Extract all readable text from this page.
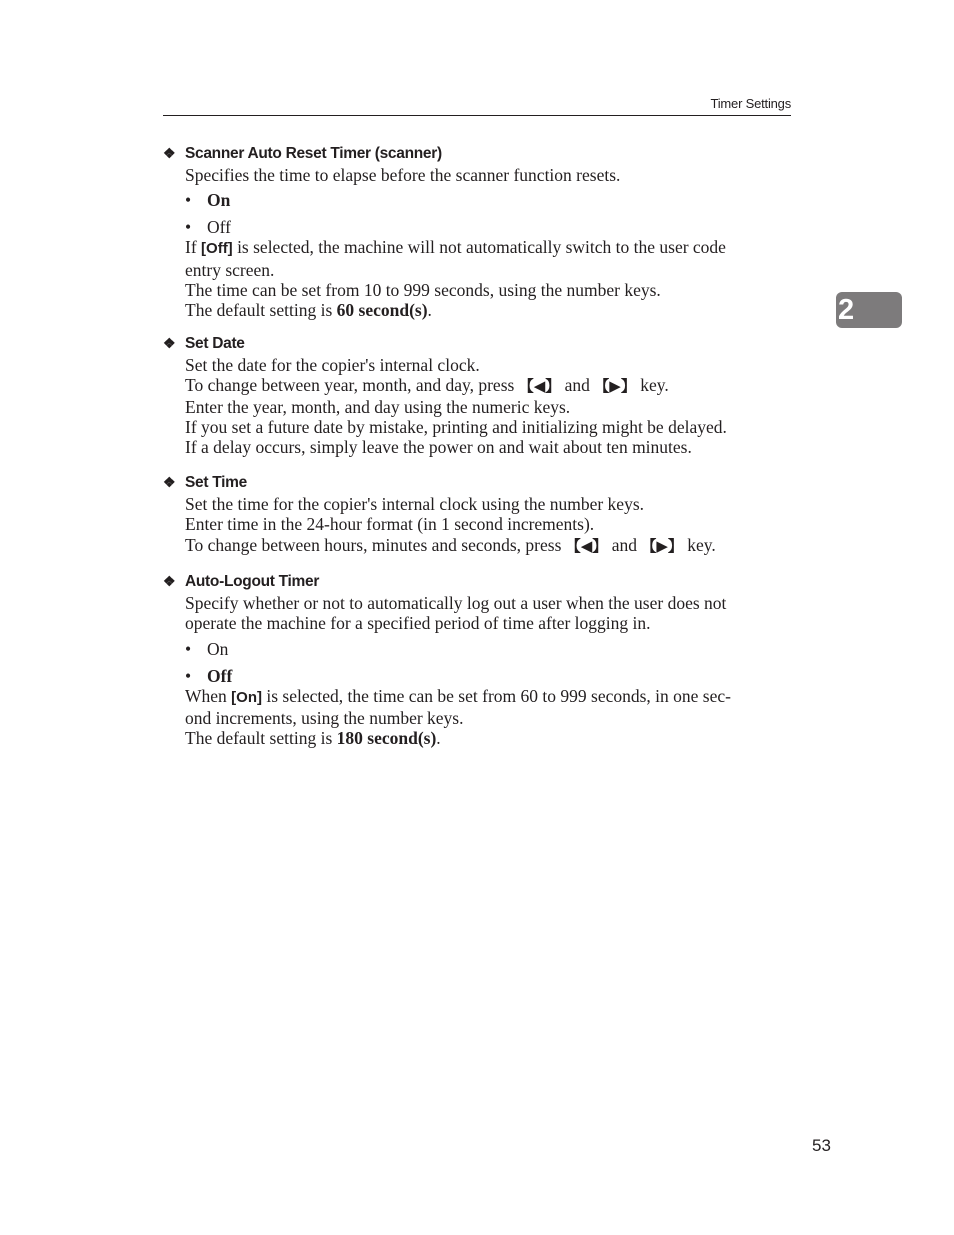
Timer Settings
2
❖ Scanner Auto Reset Timer (scanner)
Specifies the time to elapse before the scanner function resets.
• On
• Off
If [Off] is selected, the machine will not automatically switch to the user code
entry screen.
The time can be set from 10 to 999 seconds, using the number keys.
The default setting is 60 second(s).
❖ Set Date
Set the date for the copier's internal clock.
To change between year, month, and day, press 【◀】 and 【▶】 key.
Enter the year, month, and day using the numeric keys.
If you set a future date by mistake, printing and initializing might be delayed.
If a delay occurs, simply leave the power on and wait about ten minutes.
❖ Set Time
Set the time for the copier's internal clock using the number keys.
Enter time in the 24-hour format (in 1 second increments).
To change between hours, minutes and seconds, press 【◀】 and 【▶】 key.
❖ Auto-Logout Timer
Specify whether or not to automatically log out a user when the user does not
operate the machine for a specified period of time after logging in.
• On
• Off
When [On] is selected, the time can be set from 60 to 999 seconds, in one sec-
ond increments, using the number keys.
The default setting is 180 second(s).
53
